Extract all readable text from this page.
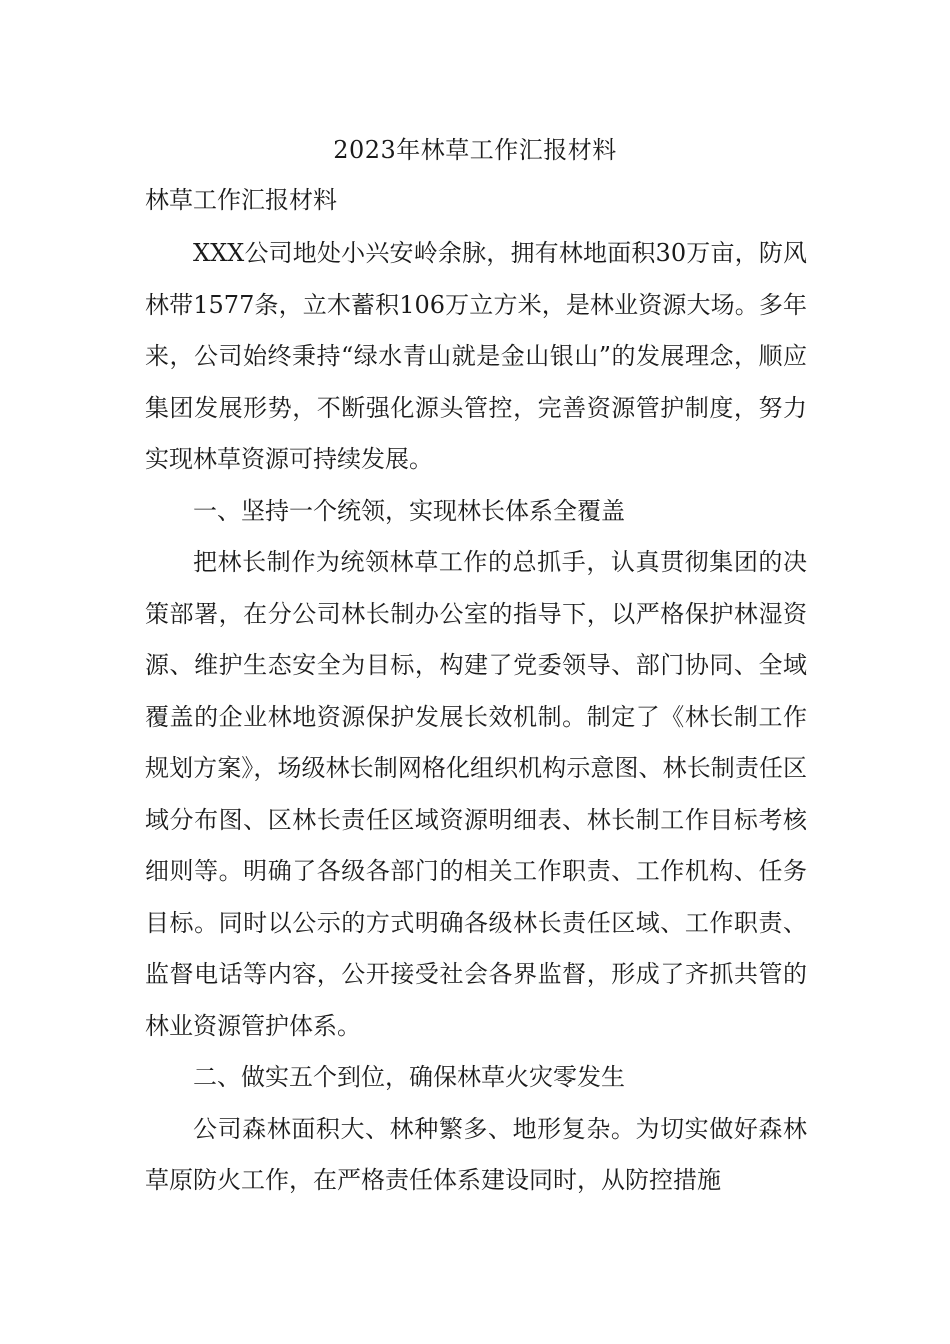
2023年林草工作汇报材料
林草工作汇报材料

XXX公司地处小兴安岭余脉，拥有林地面积30万亩，防风林带1577条，立木蓄积106万立方米，是林业资源大场。多年来，公司始终秉持“绿水青山就是金山银山”的发展理念，顺应集团发展形势，不断强化源头管控，完善资源管护制度，努力实现林草资源可持续发展。

一、坚持一个统领，实现林长体系全覆盖

把林长制作为统领林草工作的总抓手，认真贯彻集团的决策部署，在分公司林长制办公室的指导下，以严格保护林湿资源、维护生态安全为目标，构建了党委领导、部门协同、全域覆盖的企业林地资源保护发展长效机制。制定了《林长制工作规划方案》，场级林长制网格化组织机构示意图、林长制责任区域分布图、区林长责任区域资源明细表、林长制工作目标考核细则等。明确了各级各部门的相关工作职责、工作机构、任务目标。同时以公示的方式明确各级林长责任区域、工作职责、监督电话等内容，公开接受社会各界监督，形成了齐抓共管的林业资源管护体系。

二、做实五个到位，确保林草火灾零发生

公司森林面积大、林种繁多、地形复杂。为切实做好森林草原防火工作，在严格责任体系建设同时，从防控措施
